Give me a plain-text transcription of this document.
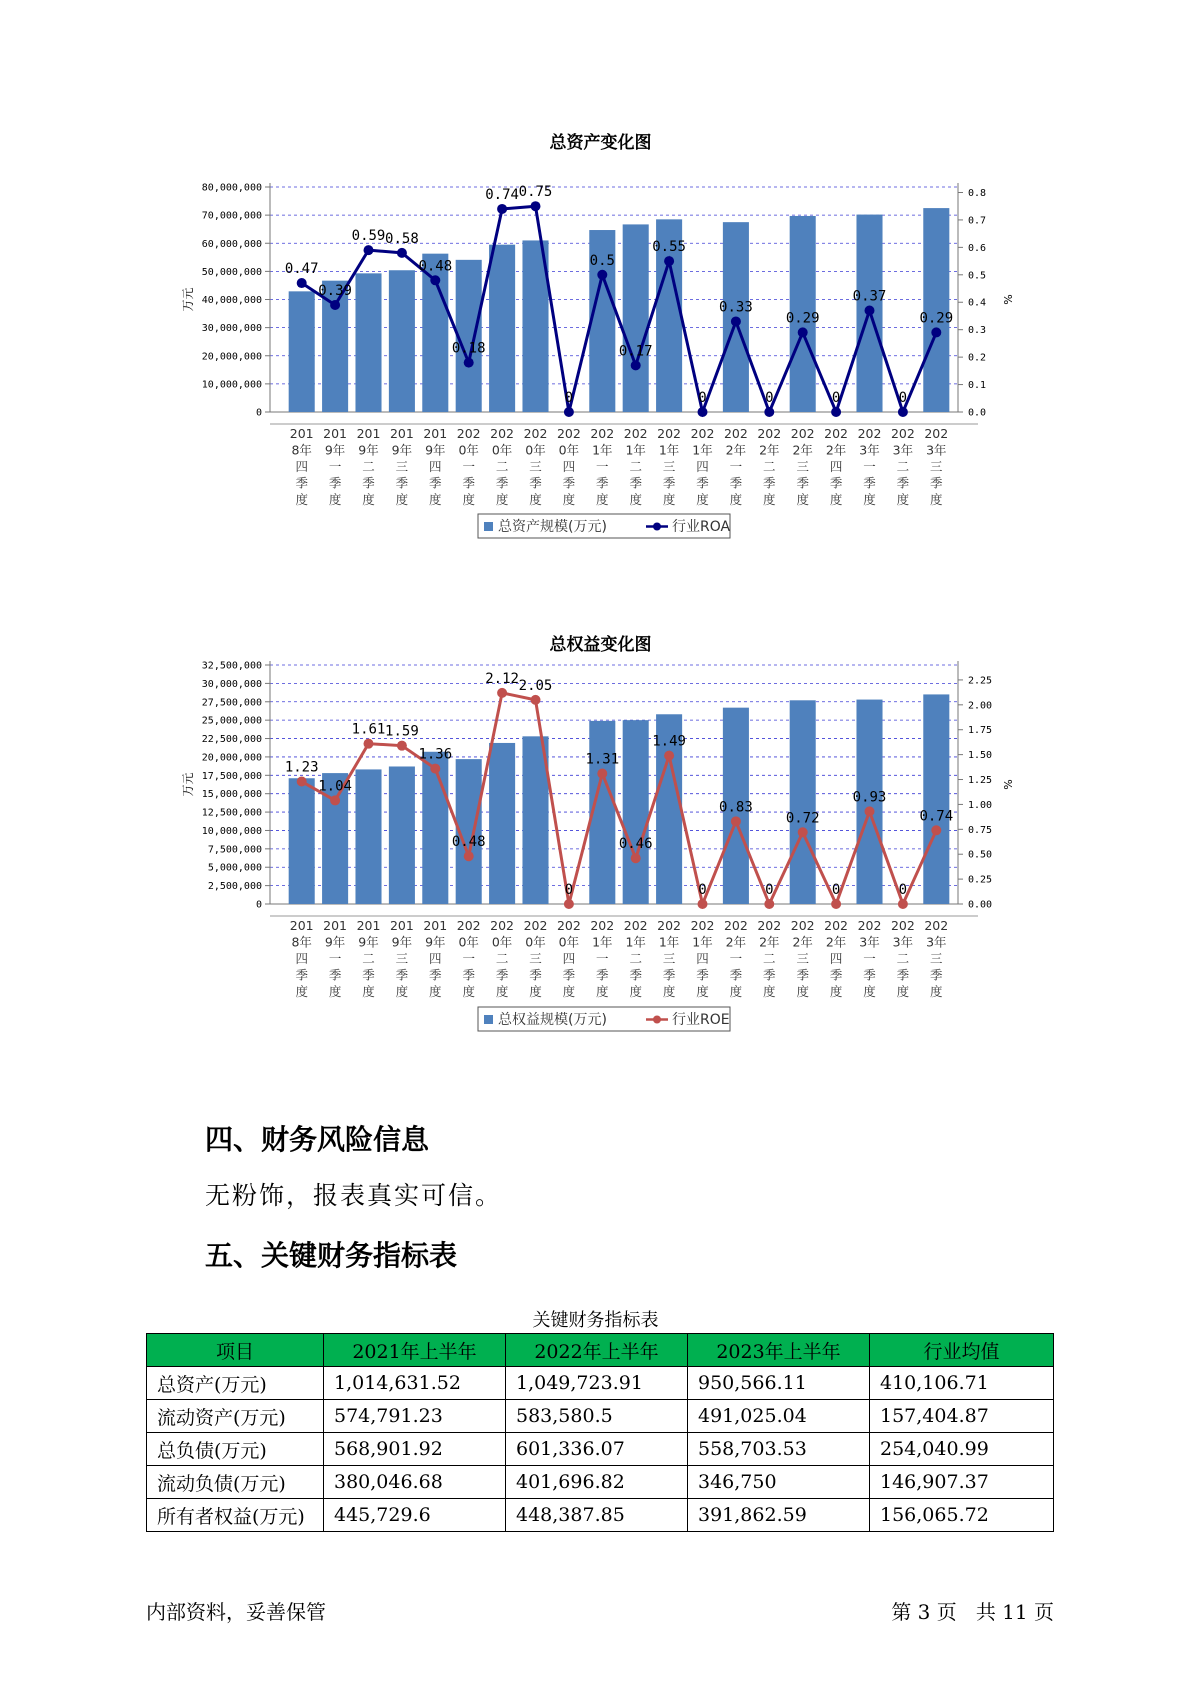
总资产变化图
0
10,000,000
20,000,000
30,000,000
40,000,000
50,000,000
60,000,000
70,000,000
80,000,000
0.0
0.1
0.2
0.3
0.4
0.5
0.6
0.7
0.8
万元	%
0.47
0.39
0.59 0.58
0.48
0.18
0.74 0.75
0
0.5
0.17
0.55
0
0.33
0
0.29
0
0.37
0
0.29
201 8年四季度
201 9年一季度
201 9年二季度
201 9年三季度
201 9年四季度
202 0年一季度
202 0年二季度
202 0年三季度
202 0年四季度
202 1年一季度
202 1年二季度
202 1年三季度
202 1年四季度
202 2年一季度
202 2年二季度
202 2年三季度
202 2年四季度
202 3年一季度
202 3年二季度
202 3年三季度
总资产规模(万元)	行业ROA
总权益变化图
0
2,500,000
5,000,000
7,500,000
10,000,000
12,500,000
15,000,000
17,500,000
20,000,000
22,500,000
25,000,000
27,500,000
30,000,000
32,500,000
0.00
0.25
0.50
0.75
1.00
1.25
1.50
1.75
2.00
2.25
万元	%
1.23
1.04
1.61 1.59
1.36
0.48
2.12 2.05
0
1.31
0.46
1.49
0
0.83
0
0.72
0
0.93
0
0.74
201 8年四季度
201 9年一季度
201 9年二季度
201 9年三季度
201 9年四季度
202 0年一季度
202 0年二季度
202 0年三季度
202 0年四季度
202 1年一季度
202 1年二季度
202 1年三季度
202 1年四季度
202 2年一季度
202 2年二季度
202 2年三季度
202 2年四季度
202 3年一季度
202 3年二季度
202 3年三季度
总权益规模(万元)	行业ROE
四、财务风险信息

无粉饰，报表真实可信。

五、关键财务指标表
关键财务指标表
项目	2021年上半年	2022年上半年	2023年上半年	行业均值
总资产(万元)	1,014,631.52	1,049,723.91	950,566.11	410,106.71
流动资产(万元)	574,791.23	583,580.5	491,025.04	157,404.87
总负债(万元)	568,901.92	601,336.07	558,703.53	254,040.99
流动负债(万元)	380,046.68	401,696.82	346,750	146,907.37
所有者权益(万元)	445,729.6	448,387.85	391,862.59	156,065.72
内部资料，妥善保管	第 3 页   共 11 页
